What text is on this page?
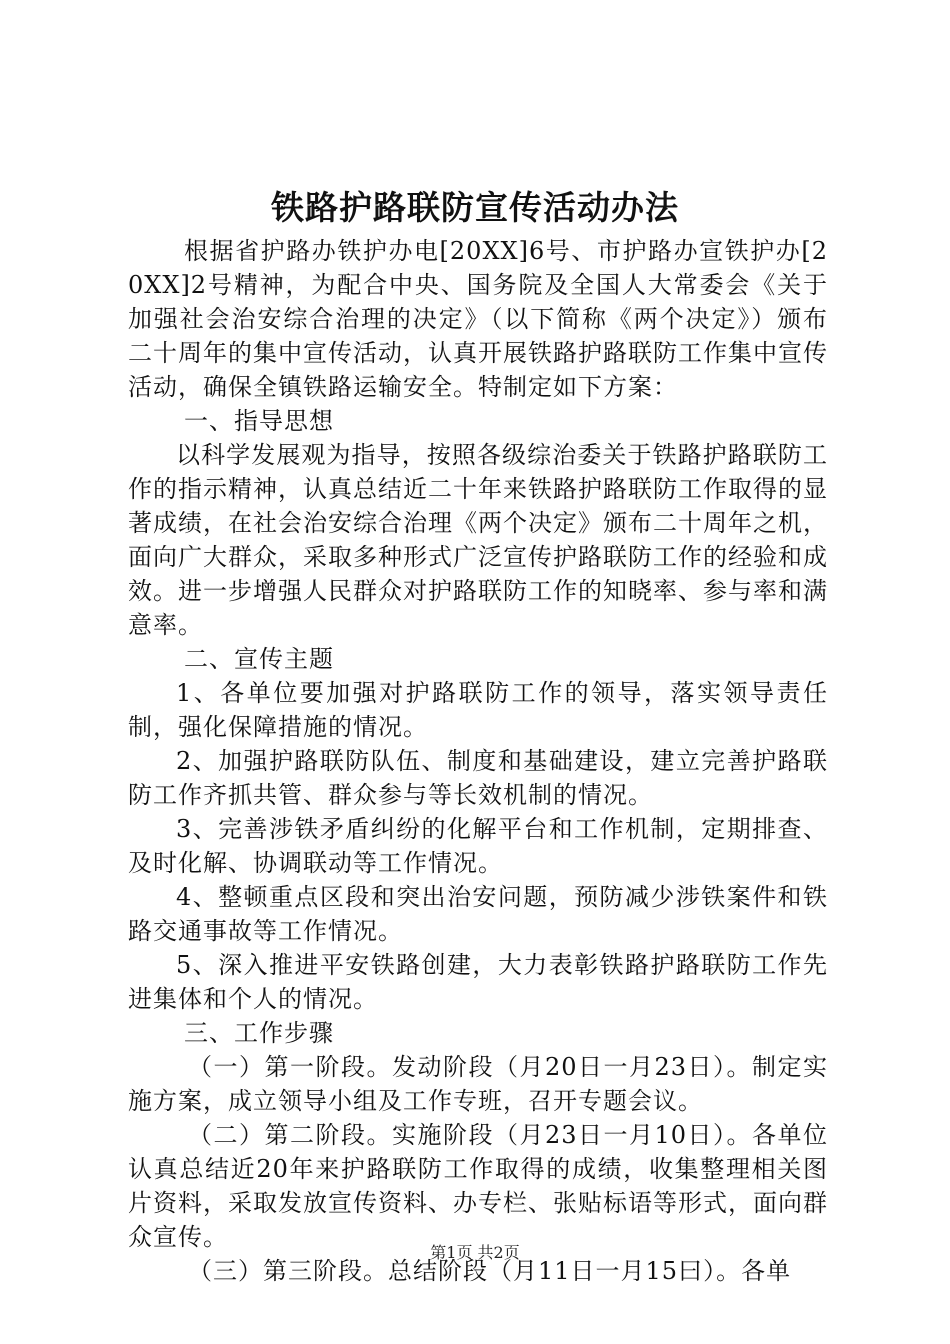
铁路护路联防宣传活动办法

根据省护路办铁护办电[20XX]6号、市护路办宣铁护办[20XX]2号精神，为配合中央、国务院及全国人大常委会《关于加强社会治安综合治理的决定》（以下简称《两个决定》）颁布二十周年的集中宣传活动，认真开展铁路护路联防工作集中宣传活动，确保全镇铁路运输安全。特制定如下方案：

一、指导思想

以科学发展观为指导，按照各级综治委关于铁路护路联防工作的指示精神，认真总结近二十年来铁路护路联防工作取得的显著成绩，在社会治安综合治理《两个决定》颁布二十周年之机，面向广大群众，采取多种形式广泛宣传护路联防工作的经验和成效。进一步增强人民群众对护路联防工作的知晓率、参与率和满意率。

二、宣传主题

1、各单位要加强对护路联防工作的领导，落实领导责任制，强化保障措施的情况。

2、加强护路联防队伍、制度和基础建设，建立完善护路联防工作齐抓共管、群众参与等长效机制的情况。

3、完善涉铁矛盾纠纷的化解平台和工作机制，定期排查、及时化解、协调联动等工作情况。

4、整顿重点区段和突出治安问题，预防减少涉铁案件和铁路交通事故等工作情况。

5、深入推进平安铁路创建，大力表彰铁路护路联防工作先进集体和个人的情况。

三、工作步骤

（一）第一阶段。发动阶段（月20日一月23日）。制定实施方案，成立领导小组及工作专班，召开专题会议。

（二）第二阶段。实施阶段（月23日一月10日）。各单位认真总结近20年来护路联防工作取得的成绩，收集整理相关图片资料，采取发放宣传资料、办专栏、张贴标语等形式，面向群众宣传。

（三）第三阶段。总结阶段（月11日一月15曰）。各单

第1页 共2页
